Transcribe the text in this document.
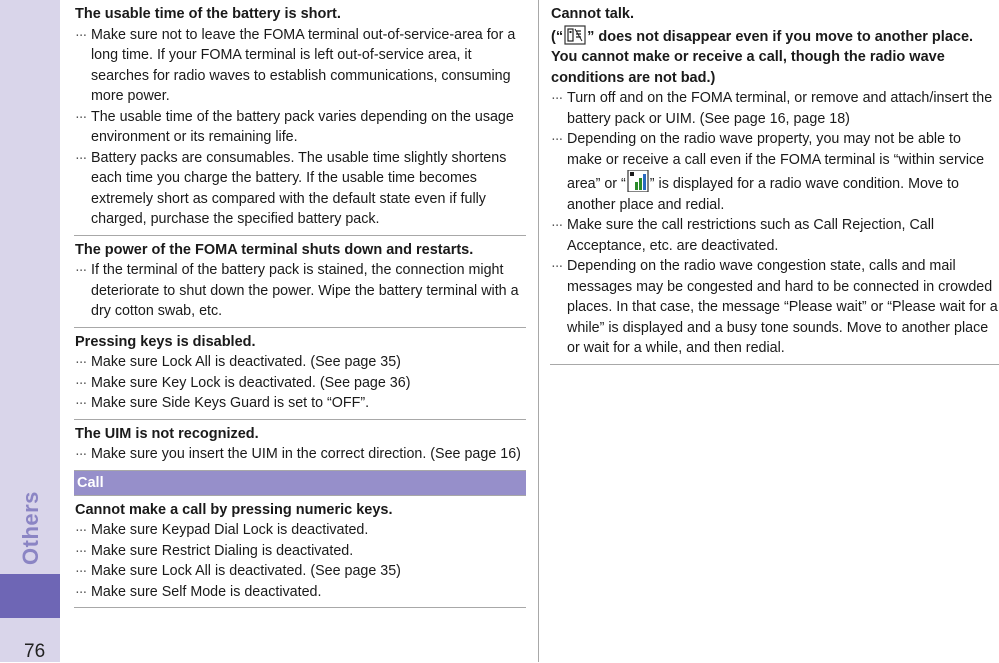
Others
76
The usable time of the battery is short.
··· Make sure not to leave the FOMA terminal out-of-service-area for a long time. If your FOMA terminal is left out-of-service area, it searches for radio waves to establish communications, consuming more power.
··· The usable time of the battery pack varies depending on the usage environment or its remaining life.
··· Battery packs are consumables. The usable time slightly shortens each time you charge the battery. If the usable time becomes extremely short as compared with the default state even if fully charged, purchase the specified battery pack.
The power of the FOMA terminal shuts down and restarts.
··· If the terminal of the battery pack is stained, the connection might deteriorate to shut down the power. Wipe the battery terminal with a dry cotton swab, etc.
Pressing keys is disabled.
··· Make sure Lock All is deactivated. (See page 35)
··· Make sure Key Lock is deactivated. (See page 36)
··· Make sure Side Keys Guard is set to “OFF”.
The UIM is not recognized.
··· Make sure you insert the UIM in the correct direction. (See page 16)
Call
Cannot make a call by pressing numeric keys.
··· Make sure Keypad Dial Lock is deactivated.
··· Make sure Restrict Dialing is deactivated.
··· Make sure Lock All is deactivated. (See page 35)
··· Make sure Self Mode is deactivated.
Cannot talk.
(“ ” does not disappear even if you move to another place. You cannot make or receive a call, though the radio wave conditions are not bad.)
··· Turn off and on the FOMA terminal, or remove and attach/insert the battery pack or UIM. (See page 16, page 18)
··· Depending on the radio wave property, you may not be able to make or receive a call even if the FOMA terminal is “within service area” or “ ” is displayed for a radio wave condition. Move to another place and redial.
··· Make sure the call restrictions such as Call Rejection, Call Acceptance, etc. are deactivated.
··· Depending on the radio wave congestion state, calls and mail messages may be congested and hard to be connected in crowded places. In that case, the message “Please wait” or “Please wait for a while” is displayed and a busy tone sounds. Move to another place or wait for a while, and then redial.
